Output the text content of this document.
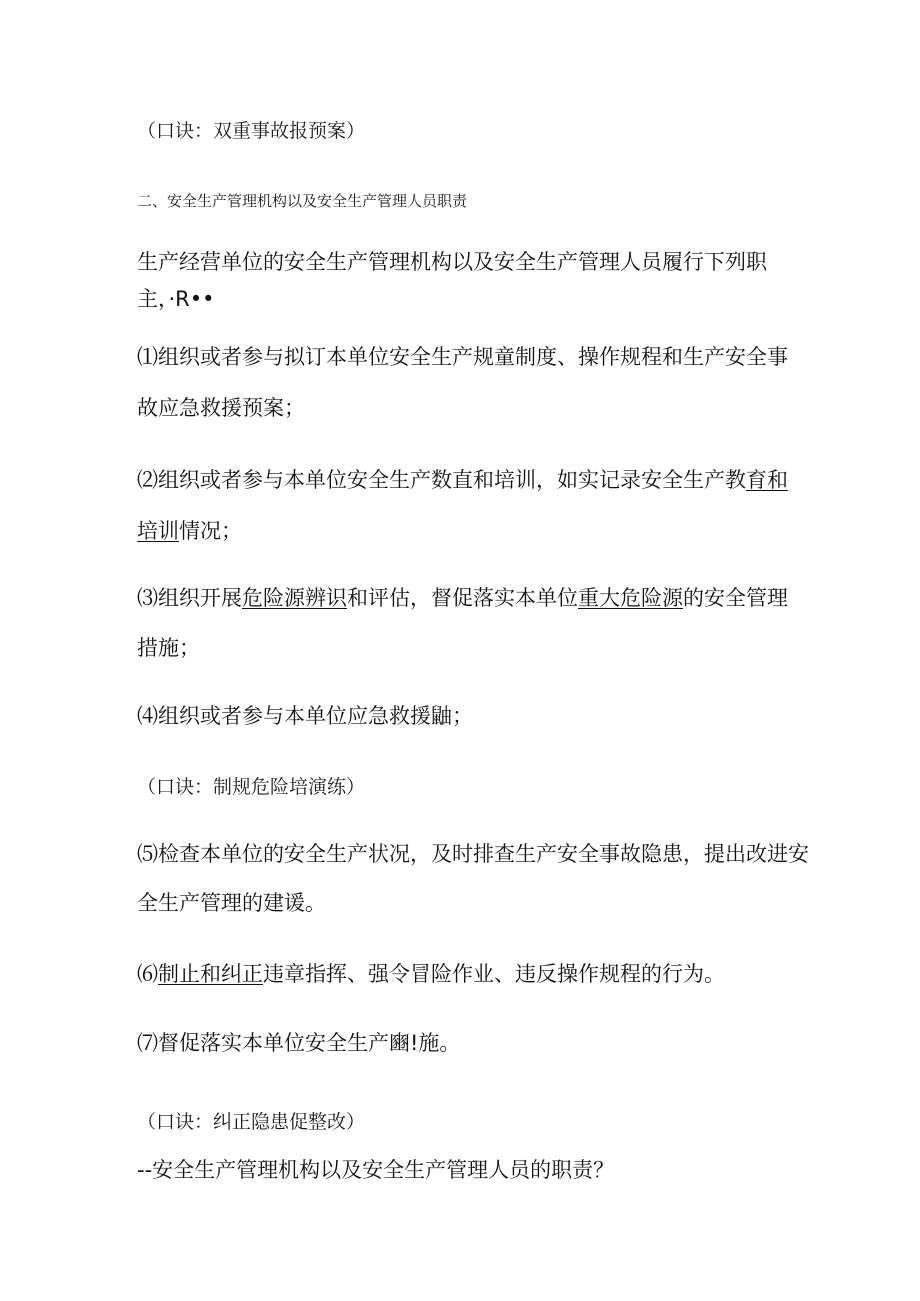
（口诀：双重事故报预案）

二、安全生产管理机构以及安全生产管理人员职责

生产经营单位的安全生产管理机构以及安全生产管理人员履行下列职

主，·R••

⑴组织或者参与拟订本单位安全生产规童制度、操作规程和生产安全事

故应急救援预案；

⑵组织或者参与本单位安全生产数直和培训，如实记录安全生产教育和

培训情况；

⑶组织开展危险源辨识和评估，督促落实本单位重大危险源的安全管理

措施；

⑷组织或者参与本单位应急救援鼬；

（口诀：制规危险培演练）

⑸检查本单位的安全生产状况，及时排查生产安全事故隐患，提出改进安

全生产管理的建谖。

⑹制止和纠正违章指挥、强令冒险作业、违反操作规程的行为。

⑺督促落实本单位安全生产豳!施。

（口诀：纠正隐患促整改）

--安全生产管理机构以及安全生产管理人员的职责？
